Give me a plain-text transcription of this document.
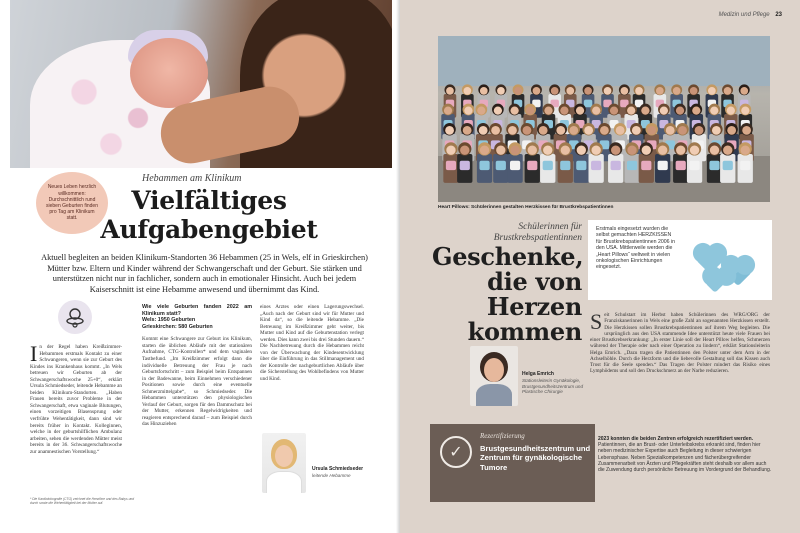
Neues Leben herzlich willkommen: Durchschnittlich rund sieben Geburten finden pro Tag am Klinikum statt.
Hebammen am Klinikum
Vielfältiges Aufgabengebiet

Aktuell begleiten an beiden Klinikum-Standorten 36 Hebammen (25 in Wels, elf in Grieskirchen) Mütter bzw. Eltern und Kinder während der Schwangerschaft und der Geburt. Sie stärken und unterstützen nicht nur in fachlicher, sondern auch in emotionaler Hinsicht. Auch bei jedem Kaiserschnitt ist eine Hebamme anwesend und übernimmt das Kind.

I n der Regel haben Kreißzimmer-Hebammen erstmals Kontakt zu einer Schwangeren, wenn sie zur Geburt des Kindes ins Krankenhaus kommt. „In Wels betreuen wir Geburten ab der Schwangerschaftswoche 25+0“, erklärt Ursula Schmiedseder, leitende Hebamme an beiden Klinikum-Standorten. „Haben Frauen bereits zuvor Probleme in der Schwangerschaft, etwa vaginale Blutungen, einen vorzeitigen Blasensprung oder verfrühte Wehentätigkeit, dann sind wir bereits früher in Kontakt. Kolleginnen, welche in der geburtshilflichen Ambulanz arbeiten, sehen die werdenden Mütter meist bereits in der 36. Schwangerschaftswoche zur anamnestischen Vorstellung.“
* Die Kardiotokografie (CTG) zeichnet die Herztöne und des Babys und durch sowie die Wehentätigkeit bei der Mutter auf.
Wie viele Geburten fanden 2022 am Klinikum statt?
Wels: 1950 Geburten
Grieskirchen: 580 Geburten

Kommt eine Schwangere zur Geburt ins Klinikum, starten die üblichen Abläufe mit der stationären Aufnahme, CTG-Kontrollen* und dem vaginalen Tastbefund. „Im Kreißzimmer erfolgt dann die individuelle Betreuung der Frau je nach Geburtsfortschritt – zum Beispiel beim Entspannen in der Badewanne, beim Einnehmen verschiedener Positionen sowie durch eine eventuelle Schmerzmittelgabe“, so Schmiedseder. Die Hebammen unterstützen den physiologischen Verlauf der Geburt, sorgen für den Dammschutz bei der Mutter, erkennen Regelwidrigkeiten und reagieren entsprechend darauf – zum Beispiel durch das Hinzuziehen

eines Arztes oder einen Lagerungswechsel. „Auch nach der Geburt sind wir für Mutter und Kind da“, so die leitende Hebamme. „Die Betreuung im Kreißzimmer geht weiter, bis Mutter und Kind auf die Geburtenstation verlegt werden. Dies kann zwei bis drei Stunden dauern.“ Die Nachbetreuung durch die Hebammen reicht von der Überwachung der Kindesentwicklung über die Einführung in das Stillmanagement und der Kontrolle der nachgeburtlichen Abläufe über die Sicherstellung des Wohlbefindens von Mutter und Kind.

Ursula Schmiedseder
leitende Hebamme
Medizin und Pflege 23
Heart Pillows: Schülerinnen gestalten Herzkissen für Brustkrebspatientinnen
Schülerinnen für Brustkrebspatientinnen
Geschenke, die von Herzen kommen
Erstmals eingesetzt wurden die selbst gemachten HERZKISSEN für Brustkrebspatientinnen 2006 in den USA. Mittlerweile werden die „Heart Pillows“ weltweit in vielen onkologischen Einrichtungen eingesetzt.
Helga Emrich
Stationsleiterin Gynäkologie, Brustgesundheitszentrum und Plastische Chirurgie
S eit Schulstart im Herbst haben Schülerinnen des WRG/ORG der Franziskanerinnen in Wels eine große Zahl an sogenannten Herzkissen erstellt. Die Herzkissen sollen Brustkrebspatientinnen auf ihrem Weg begleiten. Die ursprünglich aus den USA stammende Idee unterstützt heute viele Frauen bei einer Brustkrebserkrankung: „In erster Linie soll der Heart Pillow helfen, Schmerzen während der Therapie oder nach einer Operation zu lindern“, erklärt Stationsleiterin Helga Emrich. „Dazu tragen die Patientinnen den Polster unter dem Arm in der Achselhöhle. Durch die Herzform und die liebevolle Gestaltung soll das Kissen auch Trost für die Seele spenden.“ Das Tragen der Polster mindert das Risiko eines Lymphödems und soll den Druckschmerz an der Narbe reduzieren.
✓
Rezertifizierung
Brustgesundheitszentrum und Zentrum für gynäkologische Tumore
2023 konnten die beiden Zentren erfolgreich rezertifiziert werden. Patientinnen, die an Brust- oder Unterleibskrebs erkrankt sind, finden hier neben medizinischer Expertise auch Begleitung in dieser schwierigen Lebensphase. Neben Spezialkompetenzen und fächerübergreifender Zusammenarbeit von Ärzten und Pflegekräften steht deshalb vor allem auch die Zuwendung durch persönliche Betreuung im Vordergrund der Behandlung.
